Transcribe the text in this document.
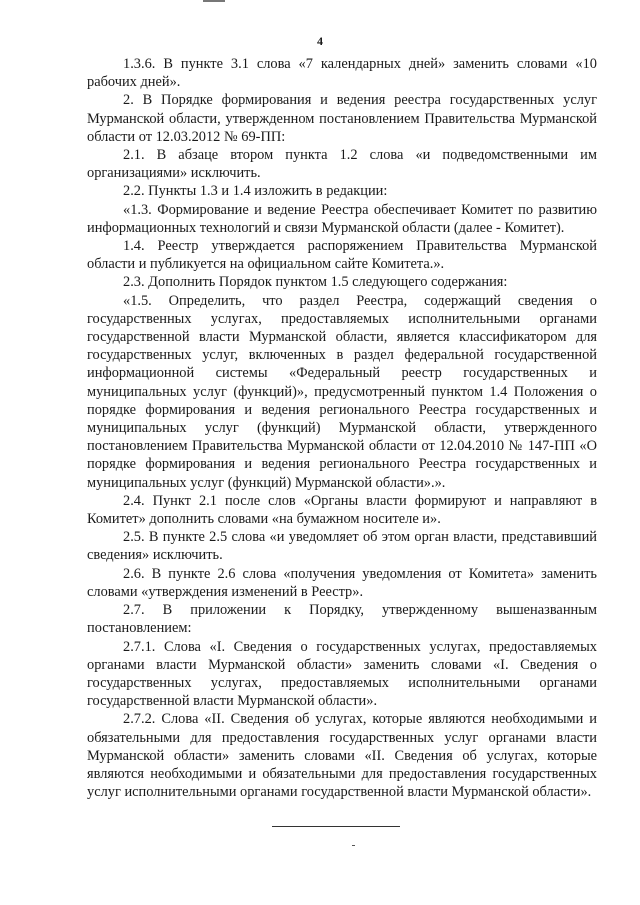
4

1.3.6. В пункте 3.1 слова «7 календарных дней» заменить словами «10 рабочих дней».

2. В Порядке формирования и ведения реестра государственных услуг Мурманской области, утвержденном постановлением Правительства Мурманской области от 12.03.2012 № 69-ПП:

2.1. В абзаце втором пункта 1.2 слова «и подведомственными им организациями» исключить.

2.2. Пункты 1.3 и 1.4 изложить в редакции:

«1.3. Формирование и ведение Реестра обеспечивает Комитет по развитию информационных технологий и связи Мурманской области (далее - Комитет).

1.4. Реестр утверждается распоряжением Правительства Мурманской области и публикуется на официальном сайте Комитета.».

2.3. Дополнить Порядок пунктом 1.5 следующего содержания:

«1.5. Определить, что раздел Реестра, содержащий сведения о государственных услугах, предоставляемых исполнительными органами государственной власти Мурманской области, является классификатором для государственных услуг, включенных в раздел федеральной государственной информационной системы «Федеральный реестр государственных и муниципальных услуг (функций)», предусмотренный пунктом 1.4 Положения о порядке формирования и ведения регионального Реестра государственных и муниципальных услуг (функций) Мурманской области, утвержденного постановлением Правительства Мурманской области от 12.04.2010 № 147-ПП «О порядке формирования и ведения регионального Реестра государственных и муниципальных услуг (функций) Мурманской области».».

2.4. Пункт 2.1 после слов «Органы власти формируют и направляют в Комитет» дополнить словами «на бумажном носителе и».

2.5. В пункте 2.5 слова «и уведомляет об этом орган власти, представивший сведения» исключить.

2.6. В пункте 2.6 слова «получения уведомления от Комитета» заменить словами «утверждения изменений в Реестр».

2.7. В приложении к Порядку, утвержденному вышеназванным постановлением:

2.7.1. Слова «I. Сведения о государственных услугах, предоставляемых органами власти Мурманской области» заменить словами «I. Сведения о государственных услугах, предоставляемых исполнительными органами государственной власти Мурманской области».

2.7.2. Слова «II. Сведения об услугах, которые являются необходимыми и обязательными для предоставления государственных услуг органами власти Мурманской области» заменить словами «II. Сведения об услугах, которые являются необходимыми и обязательными для предоставления государственных услуг исполнительными органами государственной власти Мурманской области».
